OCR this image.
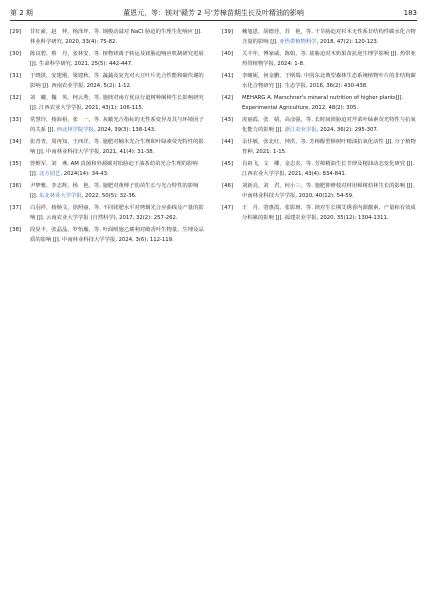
第 2 期	董恩元，等：镁对'赣芳 2 号'芳樟苗期生长及叶精油的影响	183
[29] 甘红豪，赵　仲，杨泽坪，等. 钢梭动溢对 NaCl 胁迫的生理生化响应 [J]. 林业科学研究, 2020, 33(4): 75-82.
[30] 陈良碧，蔡　丹，张林安，等. 植物镁离子转运及镁胁迫响应机制研究进展 [J]. 生命科学研究, 2021, 25(5): 442-447.
[31] 于晓淇，安建刚，梁建秋，等. 蔬蔬及复光对大豆叶片光合性能和碳代谢的影响 [J]. 西南农业学报, 2024, 5(2): 1-12.
[32] 刘　曦，魏　英，柯云秀，等. 施镁对南方优良行道树种阑樟生长影响研究 [J]. 江西农业大学学报, 2021, 43(1): 106-115.
[33] 常慧玲，杨海裕，张　一，等. 灰蔽光合指标的无性系变异及其与环境因子的关系 [J]. 西北林学院学报, 2024, 39(3): 138-143.
[34] 张青青，周再知，王西洋，等. 施肥对楠木光合生理和叶绿素荧光特性的影响 [J]. 中南林业科技大学学报, 2021, 41(4): 31-38.
[35] 曾维军，刘　燕. AM 真菌和外源碳对铅胁迫下油茶幼苗光合生理的影响 [J]. 北方园艺, 2024(14): 34-43.
[36] 尹梦雅，李志辉，杨　艳，等. 施肥对黄榉子幼苗生长与光合特性的影响 [J]. 东北林业大学学报, 2022, 50(5): 32-36.
[37] 白羽祥，杨焕文，徐照丽，等. 不同镁肥水平对烤烟光合应曲线及产量的影响 [J]. 云南农业大学学报 (自然科学), 2017, 32(2): 257-262.
[38] 段显丰，张晶晶，罗怡瀚，等. 叶面喷施乙烯利对破香叶生物量、生理及品质的影响 [J]. 中南林业科技大学学报, 2024, 3(6): 112-119.
[39] 赖旭恩，胡德佳，苏　艳，等. 干旱胁迫对杉木无性系非结构性碳水化合物含量的影响 [J]. 亚热带植物科学, 2018, 47(2): 120-123.
[40] 关丰年，傅家威，陈娟，等. 盐胁迫对木奶果苗抗逆生理学影响 [J]. 热带亚热带植物学报, 2024: 1-8.
[41] 李曈妮，何金鹏，于斯瑞. 中国东北典型森林生态系统植物叶片的非结构碳水化合物研究 [J]. 生态学报, 2016, 36(2): 430-438.
[42] MEHARG A. Marschner's mineral nutrition of higher plants[J]. Experimental Agriculture, 2012, 48(2): 305.
[43] 虎丽霞，张　婧，高彦强，等. 长时间镁胁迫对芹菜叶绿素荧光特性与抗氧化能力的影响 [J]. 浙江农业学报, 2024, 36(2): 295-307.
[44] 余佳敏，张北红，钟洪，等. 芳樟醇型樟树叶精油抗氧化活性 [J]. 分子植物育种, 2021: 1-15.
[45] 肖祖飞，文　卿，金志农，等. 芳樟精油生长节律及精油动态变化研究 [J]. 江西农业大学学报, 2021, 43(4): 834-841.
[46] 刘新亮，刘　君，何小三，等. 施肥抑修枝对材用樟树幼林生长的影响 [J]. 中南林业科技大学学报, 2020, 40(12): 54-59.
[47] 王　丹，蒄惠霞，张影斑，等. 镁对生长期艾绣香内源激素、产量和有效成分积累的影响 [J]. 福建农业学报, 2020, 35(12): 1304-1311.
